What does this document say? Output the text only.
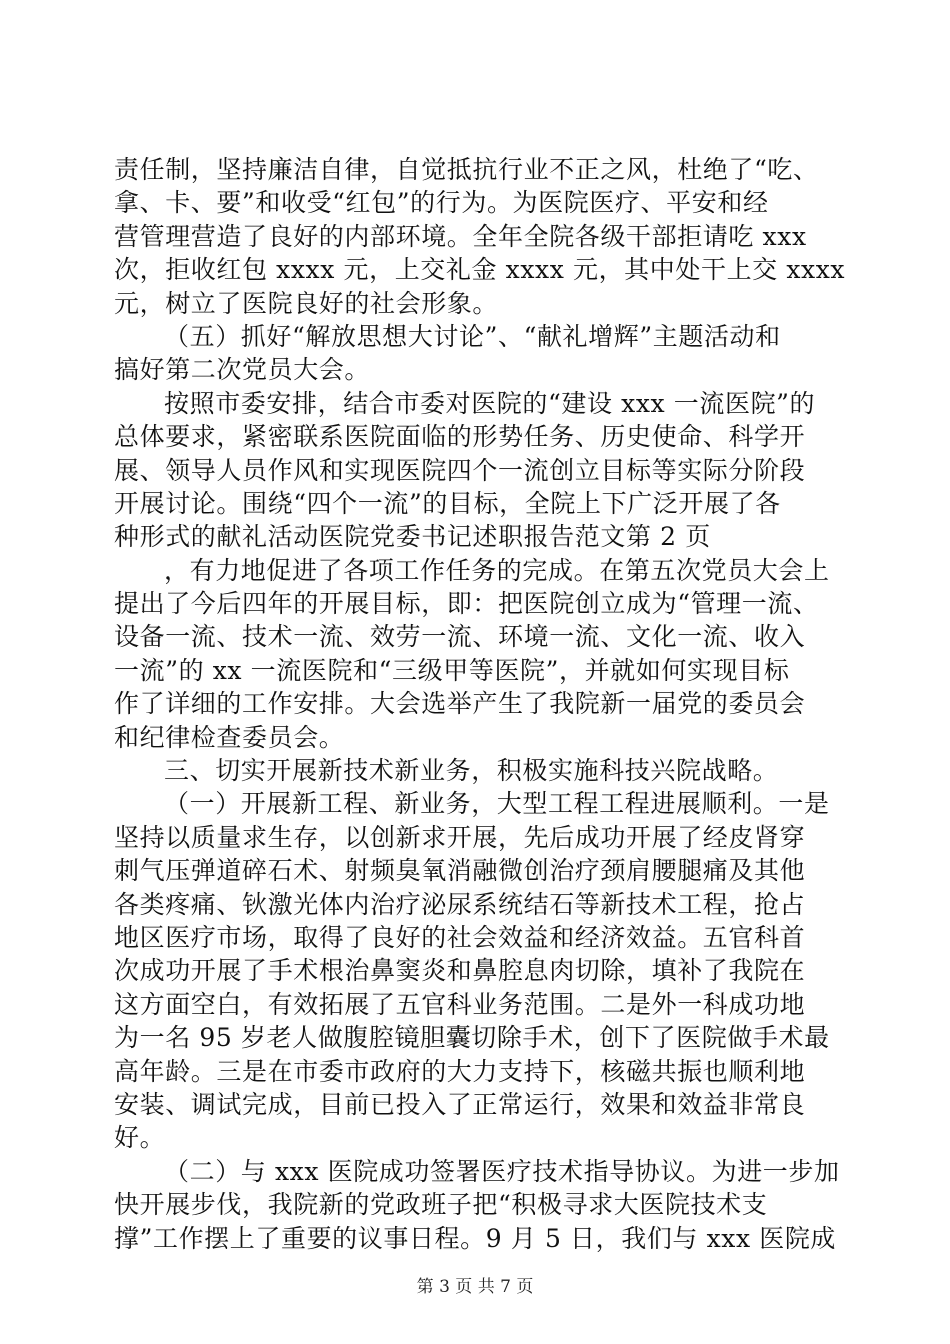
责任制，坚持廉洁自律，自觉抵抗行业不正之风，杜绝了“吃、
拿、卡、要”和收受“红包”的行为。为医院医疗、平安和经
营管理营造了良好的内部环境。全年全院各级干部拒请吃 xxx
次，拒收红包 xxxx 元，上交礼金 xxxx 元，其中处干上交 xxxx
元，树立了医院良好的社会形象。
（五）抓好“解放思想大讨论”、“献礼增辉”主题活动和
搞好第二次党员大会。
按照市委安排，结合市委对医院的“建设 xxx 一流医院”的
总体要求，紧密联系医院面临的形势任务、历史使命、科学开
展、领导人员作风和实现医院四个一流创立目标等实际分阶段
开展讨论。围绕“四个一流”的目标，全院上下广泛开展了各
种形式的献礼活动医院党委书记述职报告范文第 2 页
，有力地促进了各项工作任务的完成。在第五次党员大会上
提出了今后四年的开展目标，即：把医院创立成为“管理一流、
设备一流、技术一流、效劳一流、环境一流、文化一流、收入
一流”的 xx 一流医院和“三级甲等医院”，并就如何实现目标
作了详细的工作安排。大会选举产生了我院新一届党的委员会
和纪律检查委员会。
三、切实开展新技术新业务，积极实施科技兴院战略。
（一）开展新工程、新业务，大型工程工程进展顺利。一是
坚持以质量求生存，以创新求开展，先后成功开展了经皮肾穿
刺气压弹道碎石术、射频臭氧消融微创治疗颈肩腰腿痛及其他
各类疼痛、钬激光体内治疗泌尿系统结石等新技术工程，抢占
地区医疗市场，取得了良好的社会效益和经济效益。五官科首
次成功开展了手术根治鼻窦炎和鼻腔息肉切除，填补了我院在
这方面空白，有效拓展了五官科业务范围。二是外一科成功地
为一名 95 岁老人做腹腔镜胆囊切除手术，创下了医院做手术最
高年龄。三是在市委市政府的大力支持下，核磁共振也顺利地
安装、调试完成，目前已投入了正常运行，效果和效益非常良
好。
（二）与 xxx 医院成功签署医疗技术指导协议。为进一步加
快开展步伐，我院新的党政班子把“积极寻求大医院技术支
撑”工作摆上了重要的议事日程。9 月 5 日，我们与 xxx 医院成
第 3 页 共 7 页
